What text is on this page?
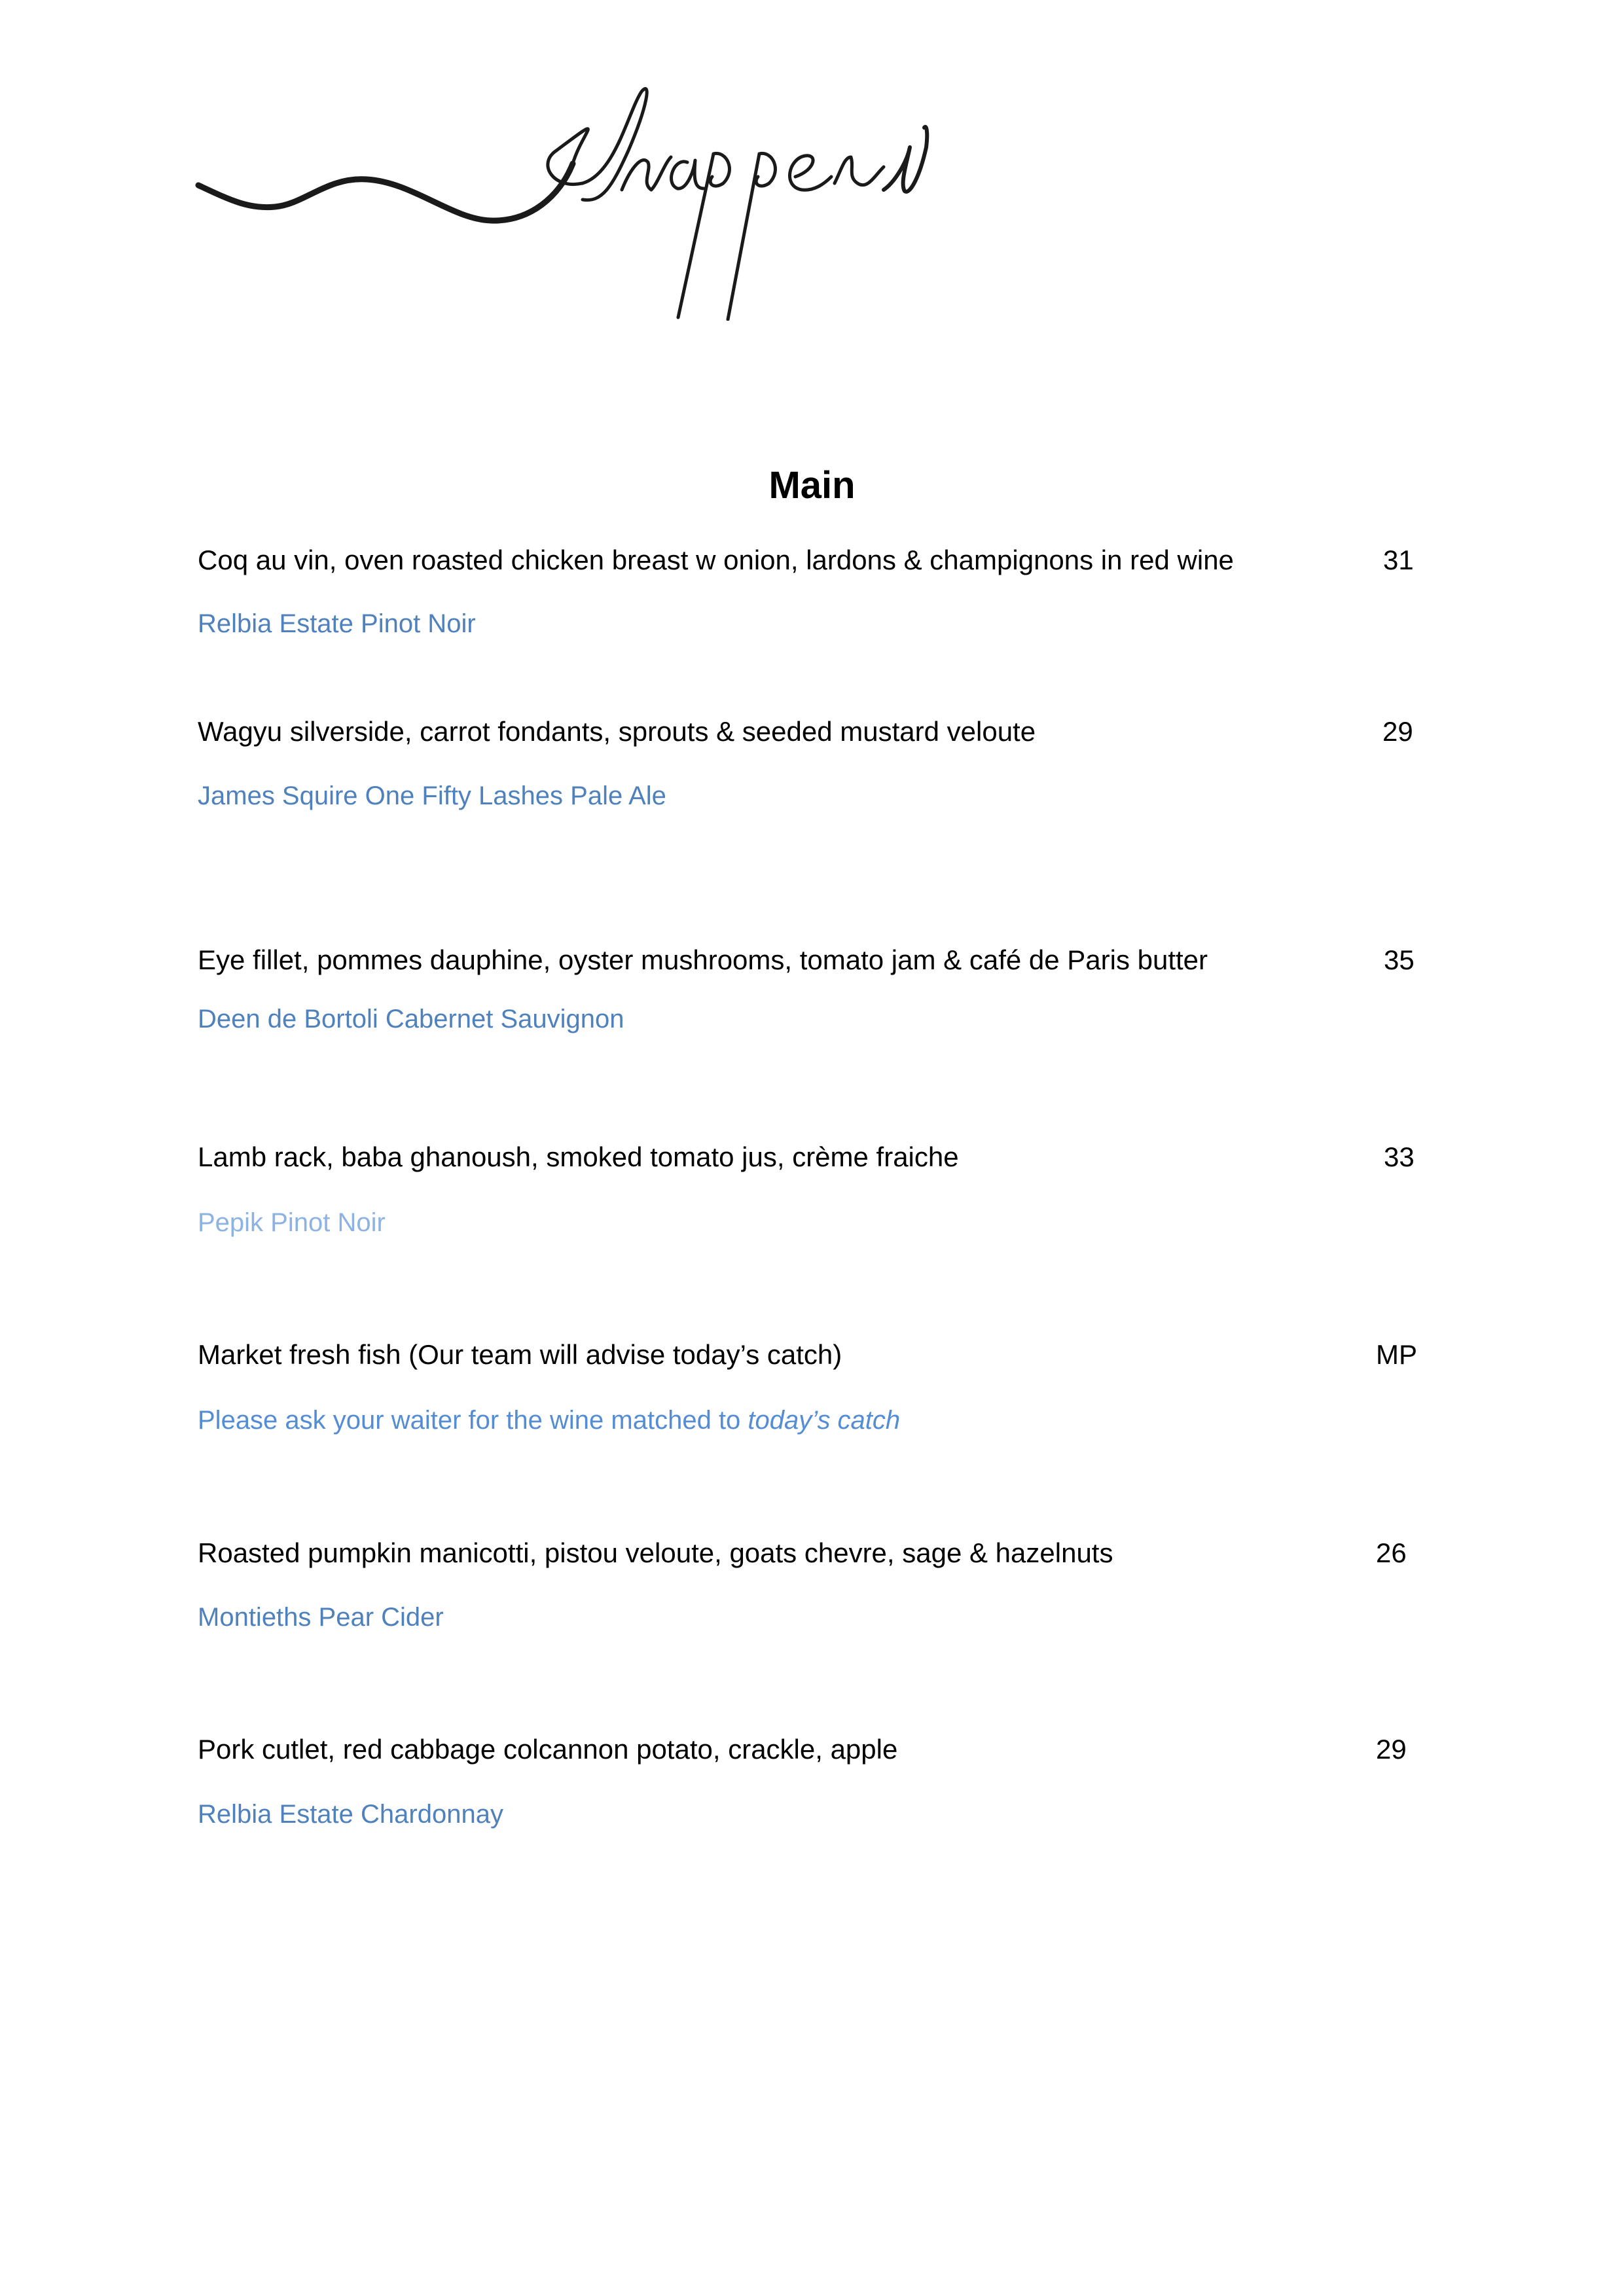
Main
Coq au vin, oven roasted chicken breast w onion, lardons & champignons in red wine	31
Relbia Estate Pinot Noir
Wagyu silverside, carrot fondants, sprouts & seeded mustard veloute	29
James Squire One Fifty Lashes Pale Ale
Eye fillet, pommes dauphine, oyster mushrooms, tomato jam & café de Paris butter	35
Deen de Bortoli Cabernet Sauvignon
Lamb rack, baba ghanoush, smoked tomato jus, crème fraiche	33
Pepik Pinot Noir
Market fresh fish (Our team will advise today’s catch)	MP
Please ask your waiter for the wine matched to today’s catch
Roasted pumpkin manicotti, pistou veloute, goats chevre, sage & hazelnuts	26
Montieths Pear Cider
Pork cutlet, red cabbage colcannon potato, crackle, apple	29
Relbia Estate Chardonnay
